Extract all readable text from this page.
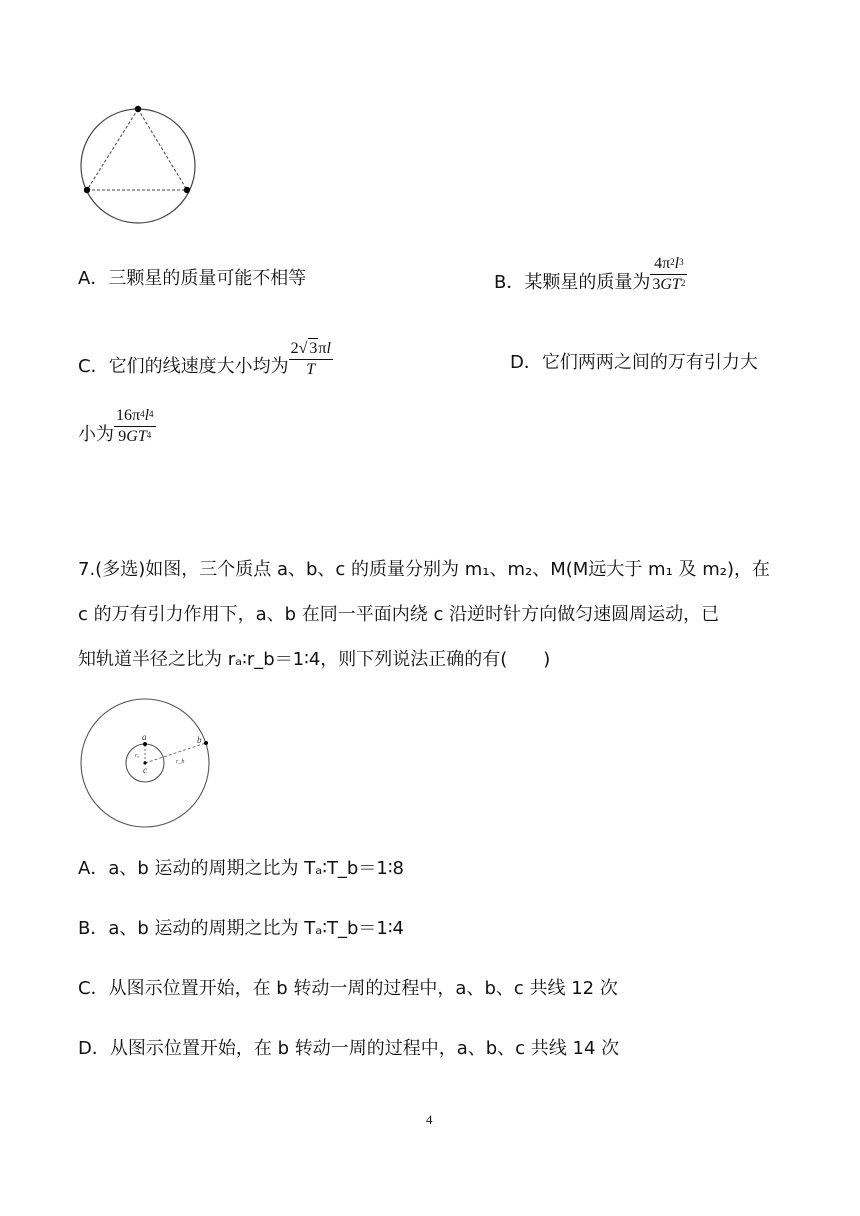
A．三颗星的质量可能不相等	B．某颗星的质量为 $\frac{4\pi^2l^3}{3GT^2}$
C．它们的线速度大小均为 $\frac{2√ 3\pi l}{T}$	D．它们两两之间的万有引力大
小为 $\frac{16\pi^4l^4}{9GT^4}$
7.(多选)如图，三个质点 a、b、c 的质量分别为 m₁、m₂、M(M远大于 m₁ 及 m₂)，在
c 的万有引力作用下，a、b 在同一平面内绕 c 沿逆时针方向做匀速圆周运动，已
知轨道半径之比为 rₐ∶r_b＝1∶4，则下列说法正确的有(　　)
a	b
c
rₐ
r_b
A．a、b 运动的周期之比为 Tₐ∶T_b＝1∶8
B．a、b 运动的周期之比为 Tₐ∶T_b＝1∶4
C．从图示位置开始，在 b 转动一周的过程中，a、b、c 共线 12 次
D．从图示位置开始，在 b 转动一周的过程中，a、b、c 共线 14 次
4
